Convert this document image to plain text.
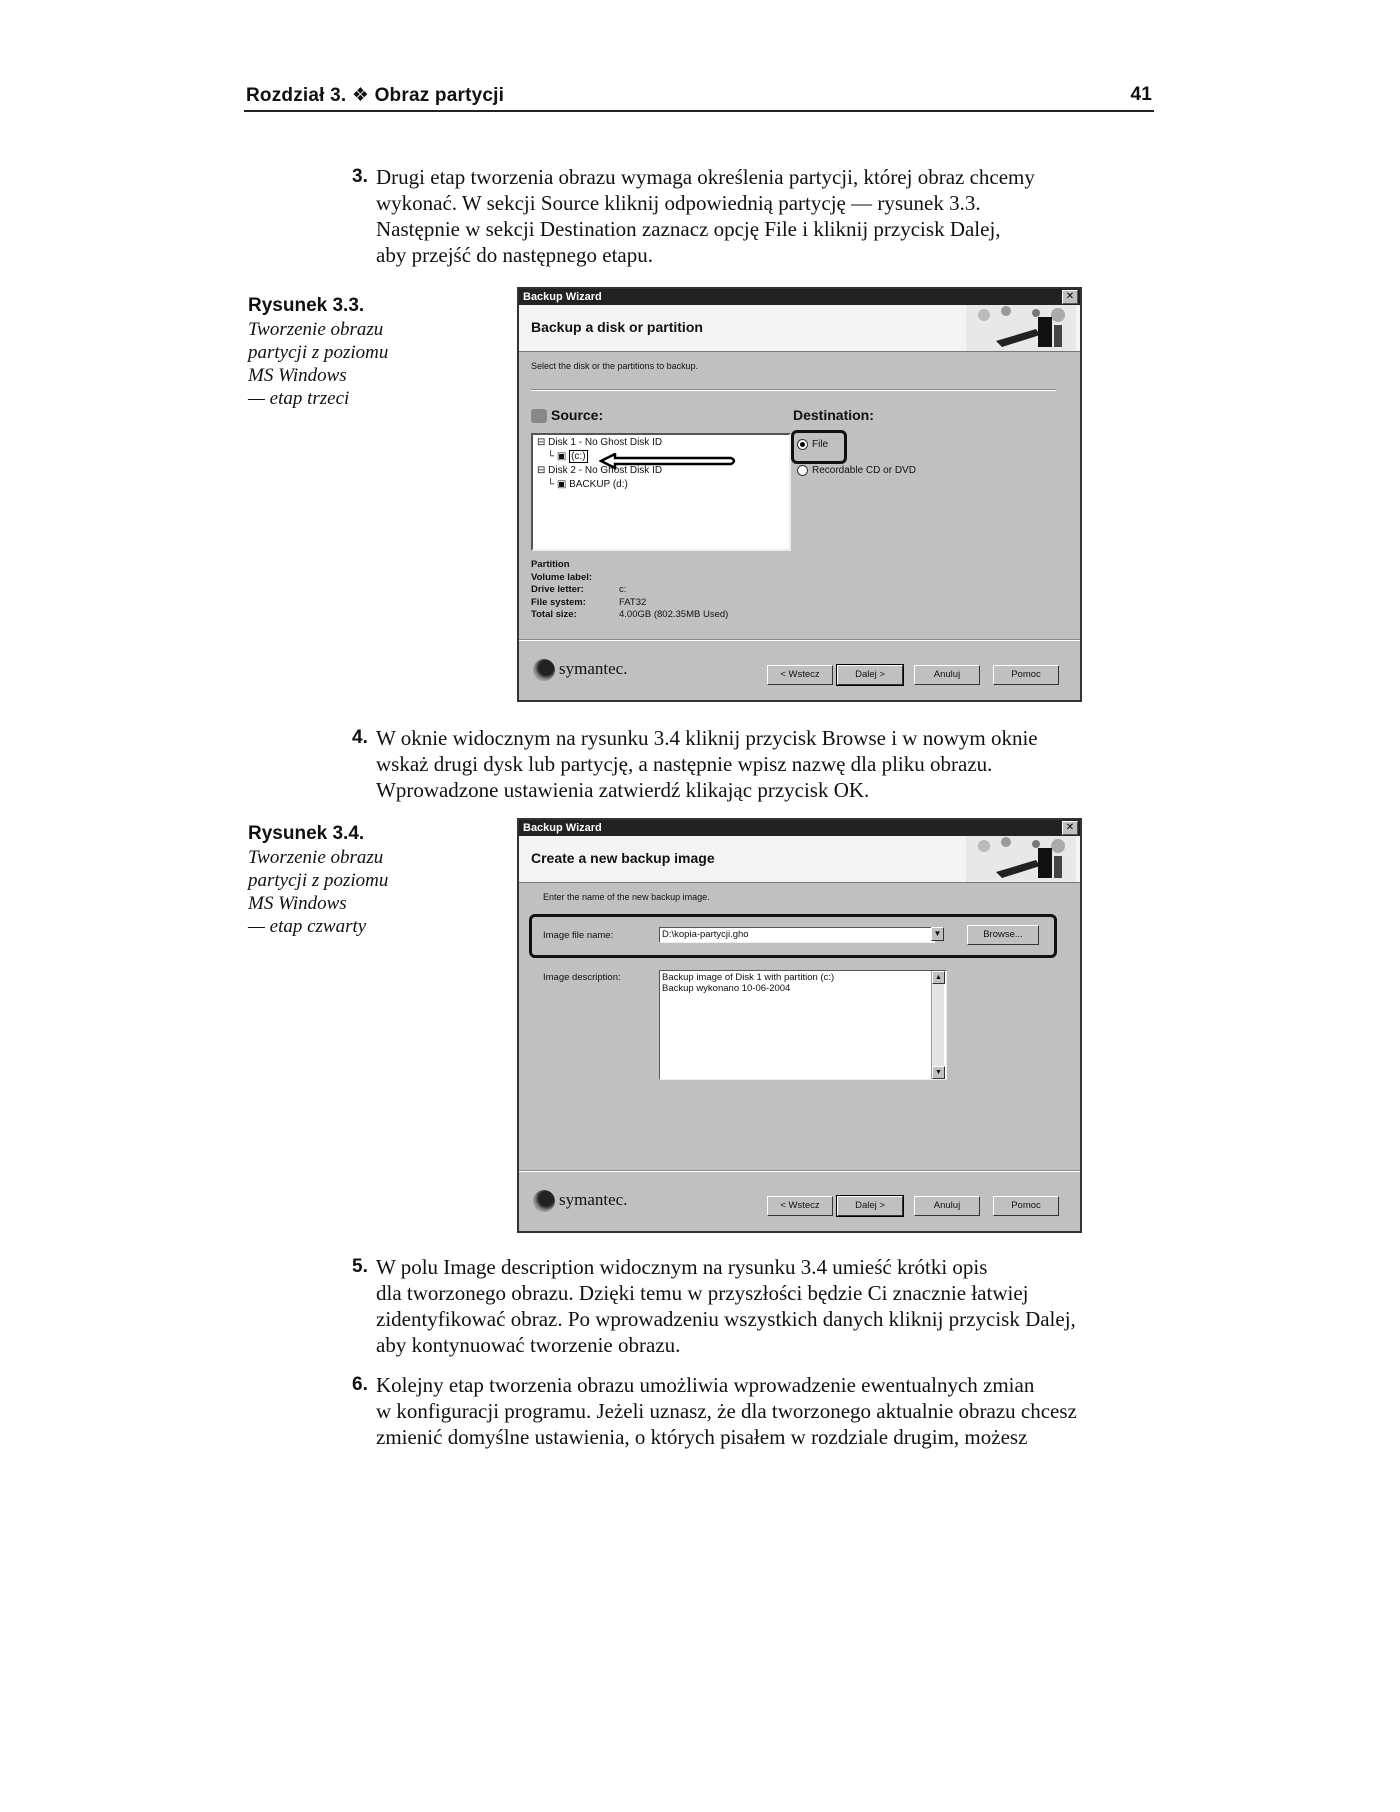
Rozdział 3. ❖ Obraz partycji	41
3. Drugi etap tworzenia obrazu wymaga określenia partycji, której obraz chcemy
wykonać. W sekcji Source kliknij odpowiednią partycję — rysunek 3.3.
Następnie w sekcji Destination zaznacz opcję File i kliknij przycisk Dalej,
aby przejść do następnego etapu.
Rysunek 3.3.
Tworzenie obrazu
partycji z poziomu
MS Windows
— etap trzeci
Backup Wizard	✕
Backup a disk or partition
Select the disk or the partitions to backup.
Source:	Destination:
⊟ Disk 1 - No Ghost Disk ID
└ ▣ (c:)
⊟ Disk 2 - No Ghost Disk ID
└ ▣ BACKUP (d:)
File
Recordable CD or DVD
Partition
Volume label:
Drive letter:	c:
File system:	FAT32
Total size:	4.00GB (802.35MB Used)
symantec.	< Wstecz	Dalej >	Anuluj	Pomoc
4. W oknie widocznym na rysunku 3.4 kliknij przycisk Browse i w nowym oknie
wskaż drugi dysk lub partycję, a następnie wpisz nazwę dla pliku obrazu.
Wprowadzone ustawienia zatwierdź klikając przycisk OK.
Rysunek 3.4.
Tworzenie obrazu
partycji z poziomu
MS Windows
— etap czwarty
Backup Wizard	✕
Create a new backup image
Enter the name of the new backup image.
Image file name:	D:\kopia-partycji.gho	▼	Browse...
Image description:	Backup image of Disk 1 with partition (c:)
Backup wykonano 10-06-2004
▲
▼
symantec.	< Wstecz	Dalej >	Anuluj	Pomoc
5. W polu Image description widocznym na rysunku 3.4 umieść krótki opis
dla tworzonego obrazu. Dzięki temu w przyszłości będzie Ci znacznie łatwiej
zidentyfikować obraz. Po wprowadzeniu wszystkich danych kliknij przycisk Dalej,
aby kontynuować tworzenie obrazu.
6. Kolejny etap tworzenia obrazu umożliwia wprowadzenie ewentualnych zmian
w konfiguracji programu. Jeżeli uznasz, że dla tworzonego aktualnie obrazu chcesz
zmienić domyślne ustawienia, o których pisałem w rozdziale drugim, możesz
